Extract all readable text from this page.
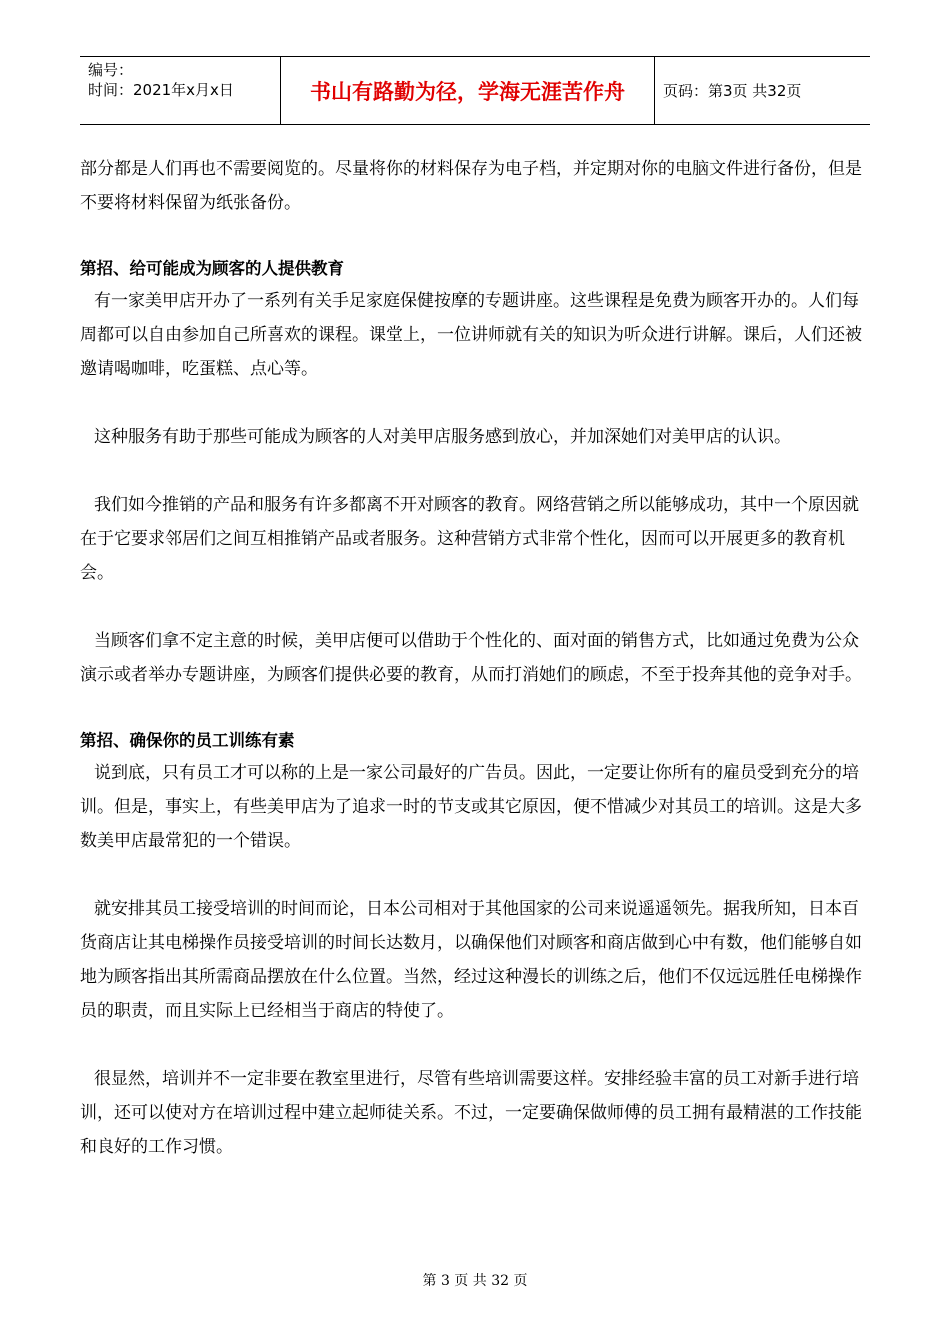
编号：
时间：2021年x月x日	书山有路勤为径，学海无涯苦作舟	页码：第3页 共32页

部分都是人们再也不需要阅览的。尽量将你的材料保存为电子档，并定期对你的电脑文件进行备份，但是不要将材料保留为纸张备份。

第招、给可能成为顾客的人提供教育

有一家美甲店开办了一系列有关手足家庭保健按摩的专题讲座。这些课程是免费为顾客开办的。人们每周都可以自由参加自己所喜欢的课程。课堂上，一位讲师就有关的知识为听众进行讲解。课后，人们还被邀请喝咖啡，吃蛋糕、点心等。

这种服务有助于那些可能成为顾客的人对美甲店服务感到放心，并加深她们对美甲店的认识。

我们如今推销的产品和服务有许多都离不开对顾客的教育。网络营销之所以能够成功，其中一个原因就在于它要求邻居们之间互相推销产品或者服务。这种营销方式非常个性化，因而可以开展更多的教育机会。

当顾客们拿不定主意的时候，美甲店便可以借助于个性化的、面对面的销售方式，比如通过免费为公众演示或者举办专题讲座，为顾客们提供必要的教育，从而打消她们的顾虑，不至于投奔其他的竞争对手。

第招、确保你的员工训练有素

说到底，只有员工才可以称的上是一家公司最好的广告员。因此，一定要让你所有的雇员受到充分的培训。但是，事实上，有些美甲店为了追求一时的节支或其它原因，便不惜减少对其员工的培训。这是大多数美甲店最常犯的一个错误。

就安排其员工接受培训的时间而论，日本公司相对于其他国家的公司来说遥遥领先。据我所知，日本百货商店让其电梯操作员接受培训的时间长达数月，以确保他们对顾客和商店做到心中有数，他们能够自如地为顾客指出其所需商品摆放在什么位置。当然，经过这种漫长的训练之后，他们不仅远远胜任电梯操作员的职责，而且实际上已经相当于商店的特使了。

很显然，培训并不一定非要在教室里进行，尽管有些培训需要这样。安排经验丰富的员工对新手进行培训，还可以使对方在培训过程中建立起师徒关系。不过，一定要确保做师傅的员工拥有最精湛的工作技能和良好的工作习惯。

第 3 页 共 32 页
